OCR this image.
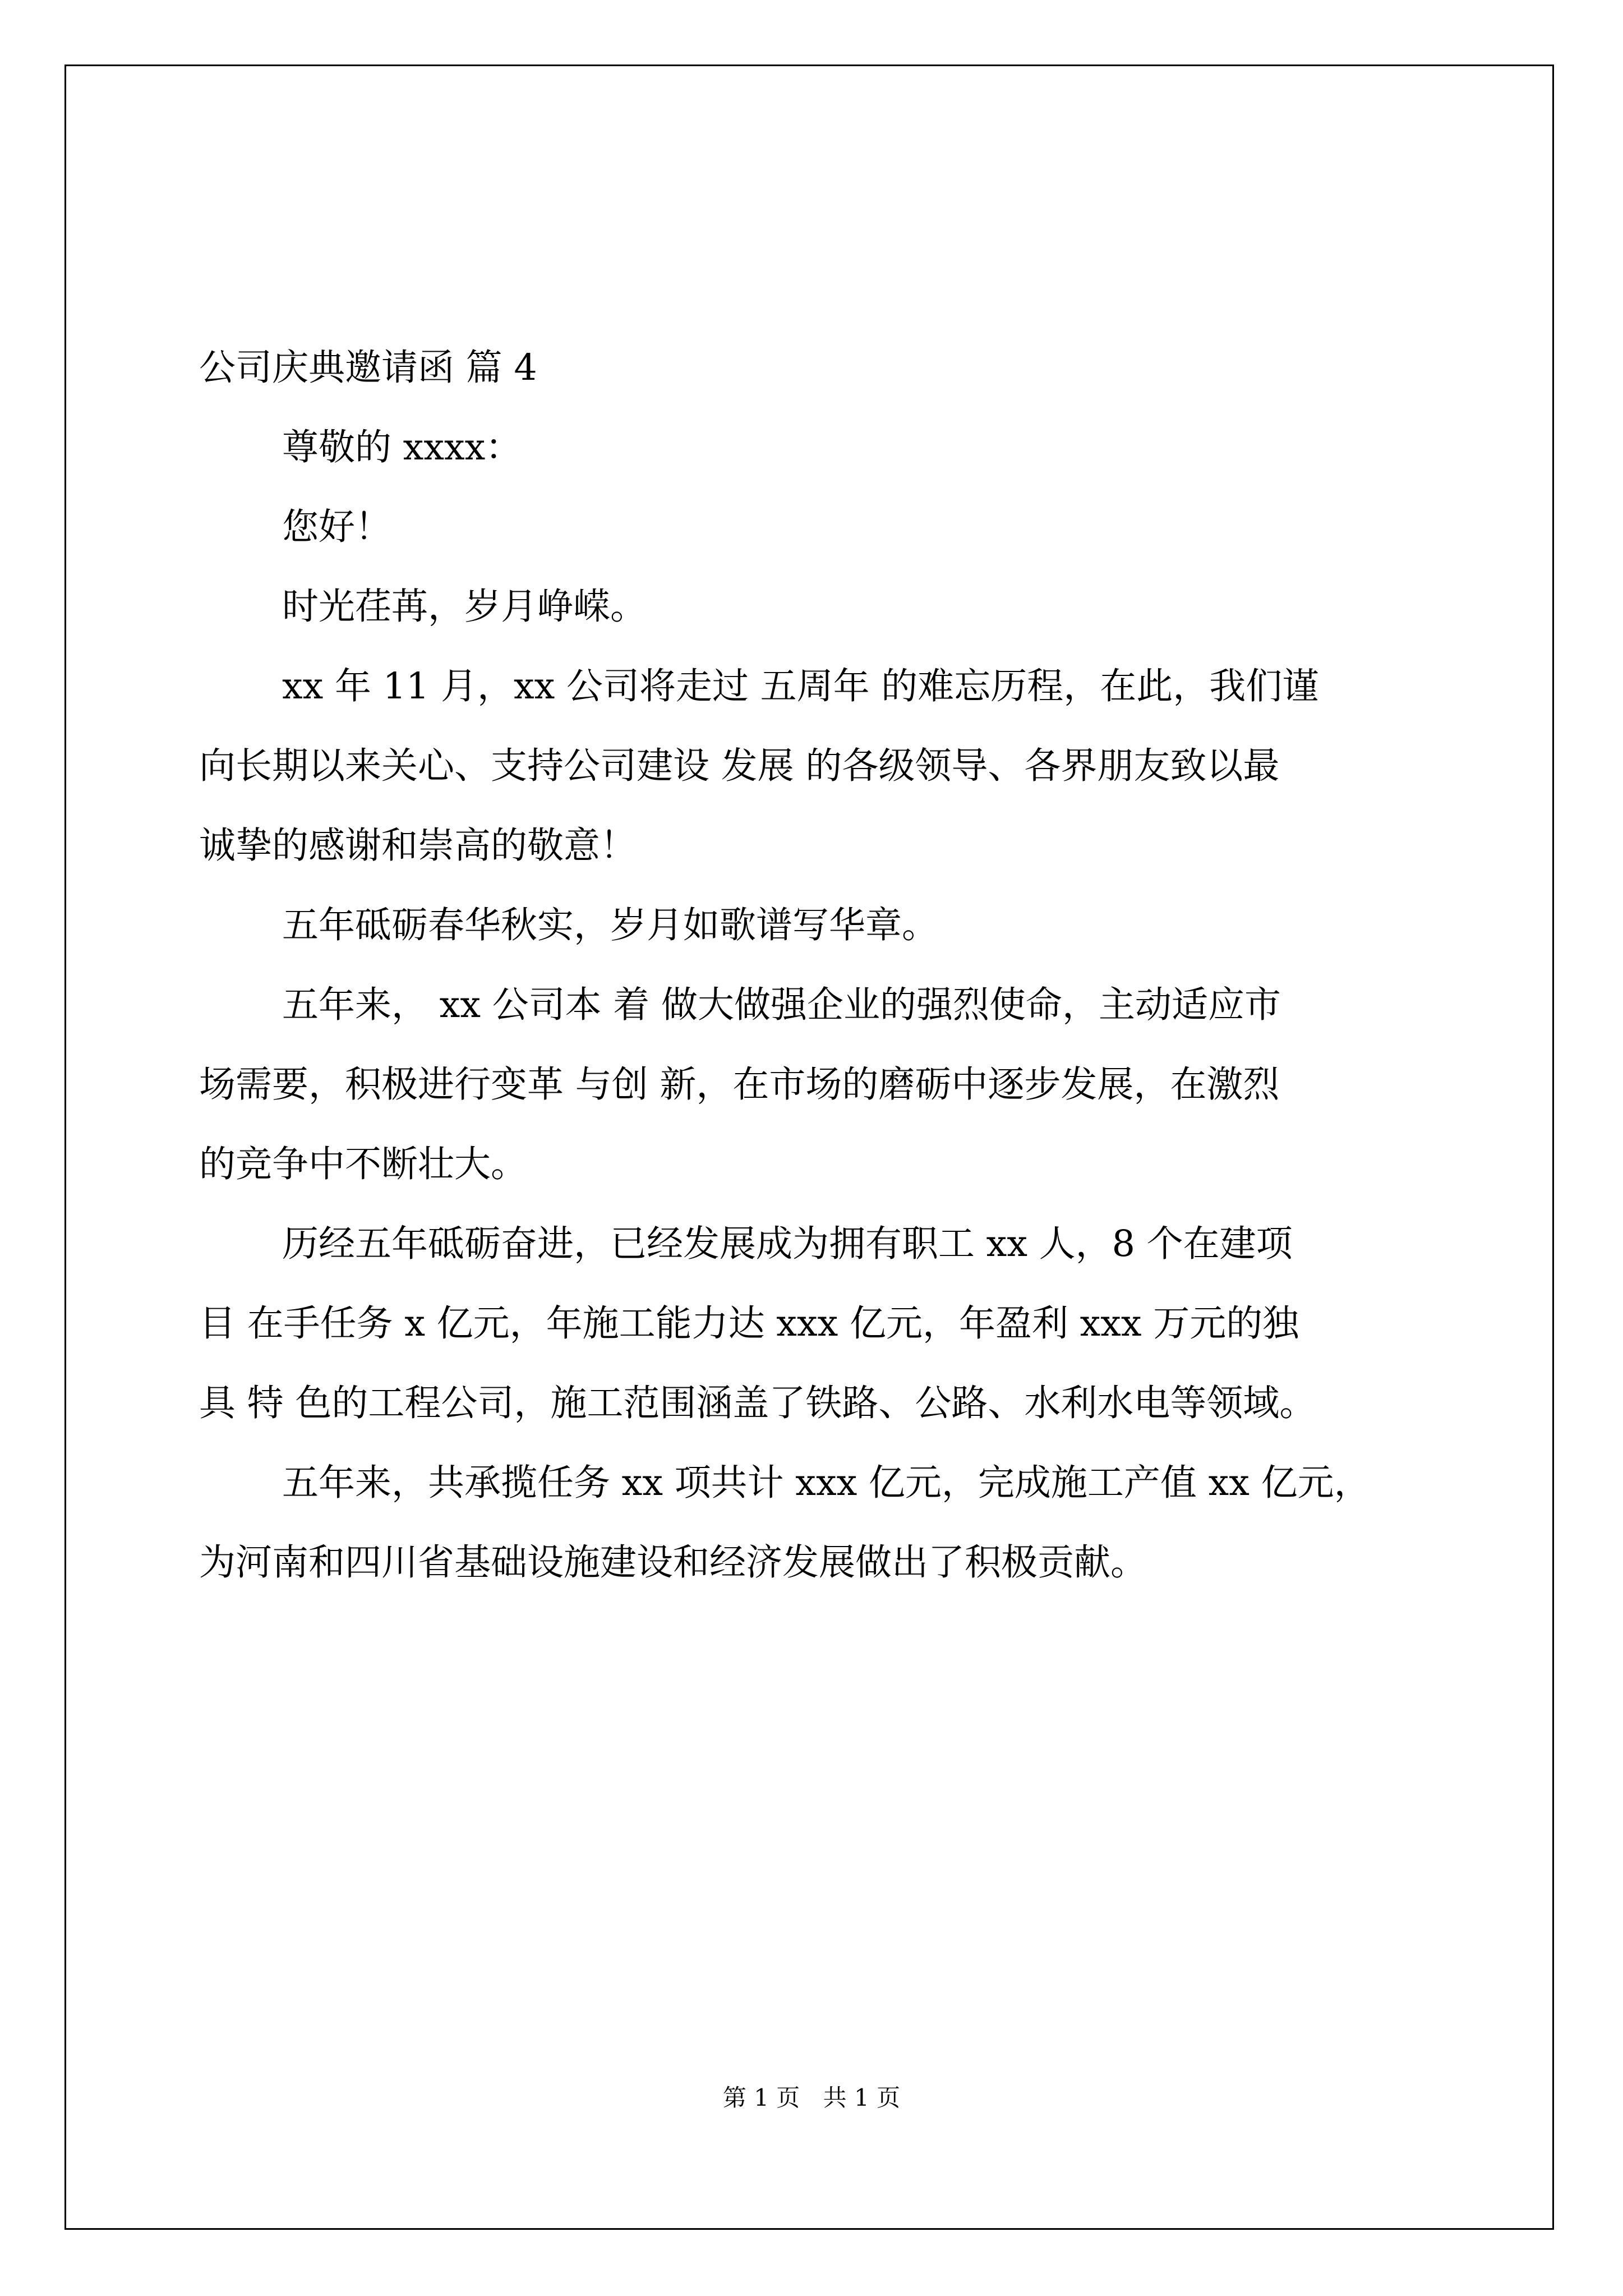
公司庆典邀请函 篇 4
尊敬的 xxxx：
您好！
时光荏苒，岁月峥嵘。
xx 年 11 月，xx 公司将走过 五周年 的难忘历程，在此，我们谨
向长期以来关心、支持公司建设 发展 的各级领导、各界朋友致以最
诚挚的感谢和崇高的敬意！
五年砥砺春华秋实，岁月如歌谱写华章。
五年来， xx 公司本 着 做大做强企业的强烈使命，主动适应市
场需要，积极进行变革 与创 新，在市场的磨砺中逐步发展，在激烈
的竞争中不断壮大。
历经五年砥砺奋进，已经发展成为拥有职工 xx 人，8 个在建项
目 在手任务 x 亿元，年施工能力达 xxx 亿元，年盈利 xxx 万元的独
具 特 色的工程公司，施工范围涵盖了铁路、公路、水利水电等领域。
五年来，共承揽任务 xx 项共计 xxx 亿元，完成施工产值 xx 亿元，
为河南和四川省基础设施建设和经济发展做出了积极贡献。
第 1 页 共 1 页
